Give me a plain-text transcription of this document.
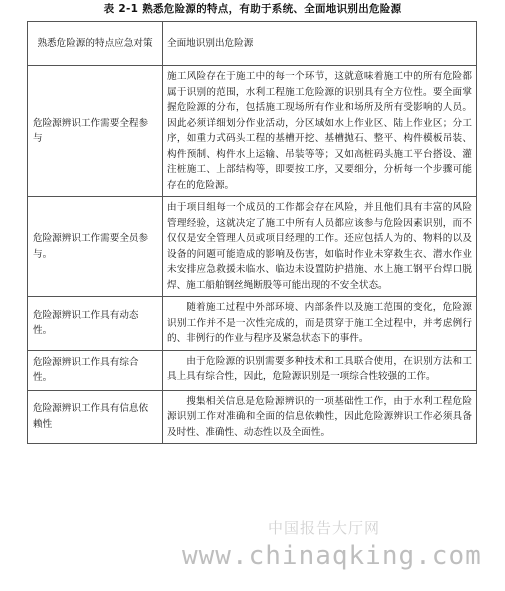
表 2-1 熟悉危险源的特点，有助于系统、全面地识别出危险源
熟悉危险源的特点应急对策	全面地识别出危险源
危险源辨识工作需要全程参与	施工风险存在于施工中的每一个环节，这就意味着施工中的所有危险都属于识别的范围，水利工程施工危险源的识别具有全方位性。要全面掌握危险源的分布，包括施工现场所有作业和场所及所有受影响的人员。因此必须详细划分作业活动，分区域如水上作业区、陆上作业区；分工序，如重力式码头工程的基槽开挖、基槽抛石、整平、构件模板吊装、构件预制、构件水上运输、吊装等等；又如高桩码头施工平台搭设、灌注桩施工、上部结构等，即要按工序，又要细分，分析每一个步骤可能存在的危险源。
危险源辨识工作需要全员参与。	由于项目组每一个成员的工作都会存在风险，并且他们具有丰富的风险管理经验，这就决定了施工中所有人员都应该参与危险因素识别，而不仅仅是安全管理人员或项目经理的工作。还应包括人为的、物料的以及设备的问题可能造成的影响及伤害，如临时作业未穿救生衣、潜水作业未安排应急救援未临水、临边未设置防护措施、水上施工钢平台焊口脱焊、施工船舶钢丝绳断股等可能出现的不安全状态。
危险源辨识工作具有动态性。	随着施工过程中外部环境、内部条件以及施工范围的变化，危险源识别工作并不是一次性完成的，而是贯穿于施工全过程中，并考虑例行的、非例行的作业与程序及紧急状态下的事件。

危险源辨识工作具有综合性。	由于危险源的识别需要多种技术和工具联合使用，在识别方法和工具上具有综合性，因此，危险源识别是一项综合性较强的工作。

危险源辨识工作具有信息依赖性	搜集相关信息是危险源辨识的一项基础性工作，由于水利工程危险源识别工作对准确和全面的信息依赖性，因此危险源辨识工作必须具备及时性、准确性、动态性以及全面性。
中国报告大厅网
www.chinaqking.com
